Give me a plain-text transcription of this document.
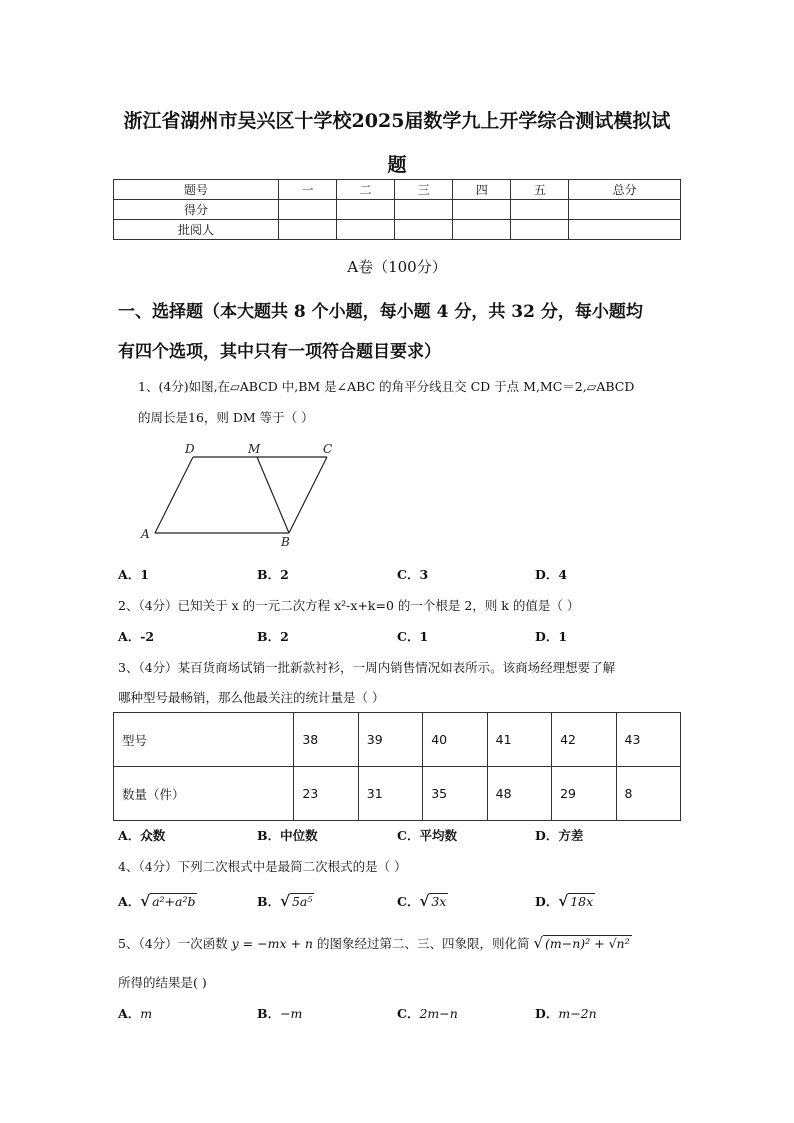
浙江省湖州市吴兴区十学校2025届数学九上开学综合测试模拟试
题
题号	一	二	三	四	五	总分
得分						
批阅人						
A卷（100分）
一、选择题（本大题共 8 个小题，每小题 4 分，共 32 分，每小题均
有四个选项，其中只有一项符合题目要求）
1、(4分)如图,在▱ABCD 中,BM 是∠ABC 的角平分线且交 CD 于点 M,MC＝2,▱ABCD
的周长是16，则 DM 等于（ ）
D	M	C
A
B
A．1	B．2	C．3	D．4
2、（4分）已知关于 x 的一元二次方程 x²-x+k=0 的一个根是 2，则 k 的值是（ ）
A．-2	B．2	C．1	D．1
3、（4分）某百货商场试销一批新款衬衫，一周内销售情况如表所示。该商场经理想要了解
哪种型号最畅销，那么他最关注的统计量是（ ）
型号	38	39	40	41	42	43
数量（件）	23	31	35	48	29	8
A．众数	B．中位数	C．平均数	D．方差
4、（4分）下列二次根式中是最简二次根式的是（ ）
A．√ a²+a²b	B．√ 5a⁵	C．√ 3x	D．√ 18x
5、（4分）一次函数 y = −mx + n 的图象经过第二、三、四象限，则化简 √ (m−n)² + √n²
所得的结果是( )
A．m	B．−m	C．2m−n	D．m−2n
